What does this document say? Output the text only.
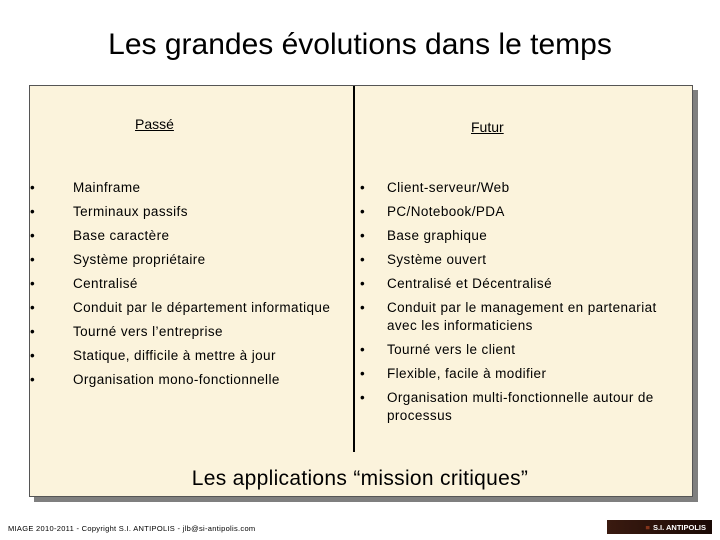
Les grandes évolutions dans le temps
Passé	Futur
•	Mainframe
•	Terminaux passifs
•	Base caractère
•	Système propriétaire
•	Centralisé
•	Conduit par le département informatique
•	Tourné vers l’entreprise
•	Statique, difficile à mettre à jour
•	Organisation mono-fonctionnelle
• Client-serveur/Web
• PC/Notebook/PDA
• Base graphique
• Système ouvert
• Centralisé et Décentralisé
• Conduit par le management en partenariat avec les informaticiens
• Tourné vers le client
• Flexible, facile à modifier
• Organisation multi-fonctionnelle autour de processus
Les applications “mission critiques”
MIAGE 2010-2011 - Copyright S.I. ANTIPOLIS - jlb@si-antipolis.com	≡ S.I. ANTIPOLIS
